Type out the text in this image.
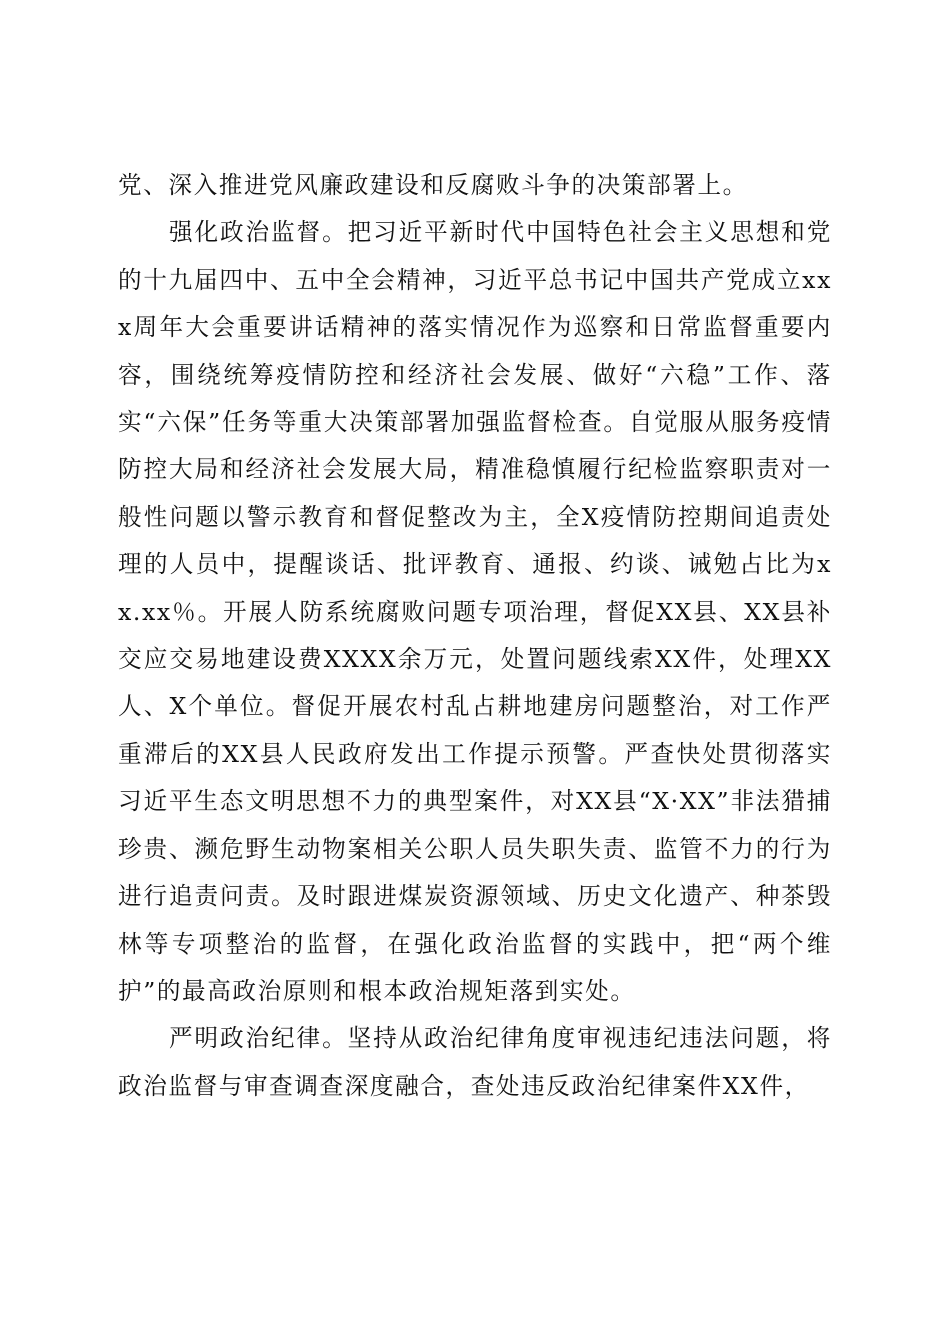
党、深入推进党风廉政建设和反腐败斗争的决策部署上。

强化政治监督。把习近平新时代中国特色社会主义思想和党的十九届四中、五中全会精神，习近平总书记中国共产党成立xxx周年大会重要讲话精神的落实情况作为巡察和日常监督重要内容，围绕统筹疫情防控和经济社会发展、做好“六稳”工作、落实“六保”任务等重大决策部署加强监督检查。自觉服从服务疫情防控大局和经济社会发展大局，精准稳慎履行纪检监察职责对一般性问题以警示教育和督促整改为主，全X疫情防控期间追责处理的人员中，提醒谈话、批评教育、通报、约谈、诫勉占比为xx.xx％。开展人防系统腐败问题专项治理，督促XX县、XX县补交应交易地建设费XXXX余万元，处置问题线索XX件，处理XX人、X个单位。督促开展农村乱占耕地建房问题整治，对工作严重滞后的XX县人民政府发出工作提示预警。严查快处贯彻落实习近平生态文明思想不力的典型案件，对XX县“X·XX”非法猎捕珍贵、濒危野生动物案相关公职人员失职失责、监管不力的行为进行追责问责。及时跟进煤炭资源领域、历史文化遗产、种茶毁林等专项整治的监督，在强化政治监督的实践中，把“两个维护”的最高政治原则和根本政治规矩落到实处。

严明政治纪律。坚持从政治纪律角度审视违纪违法问题，将政治监督与审查调查深度融合，查处违反政治纪律案件XX件，
